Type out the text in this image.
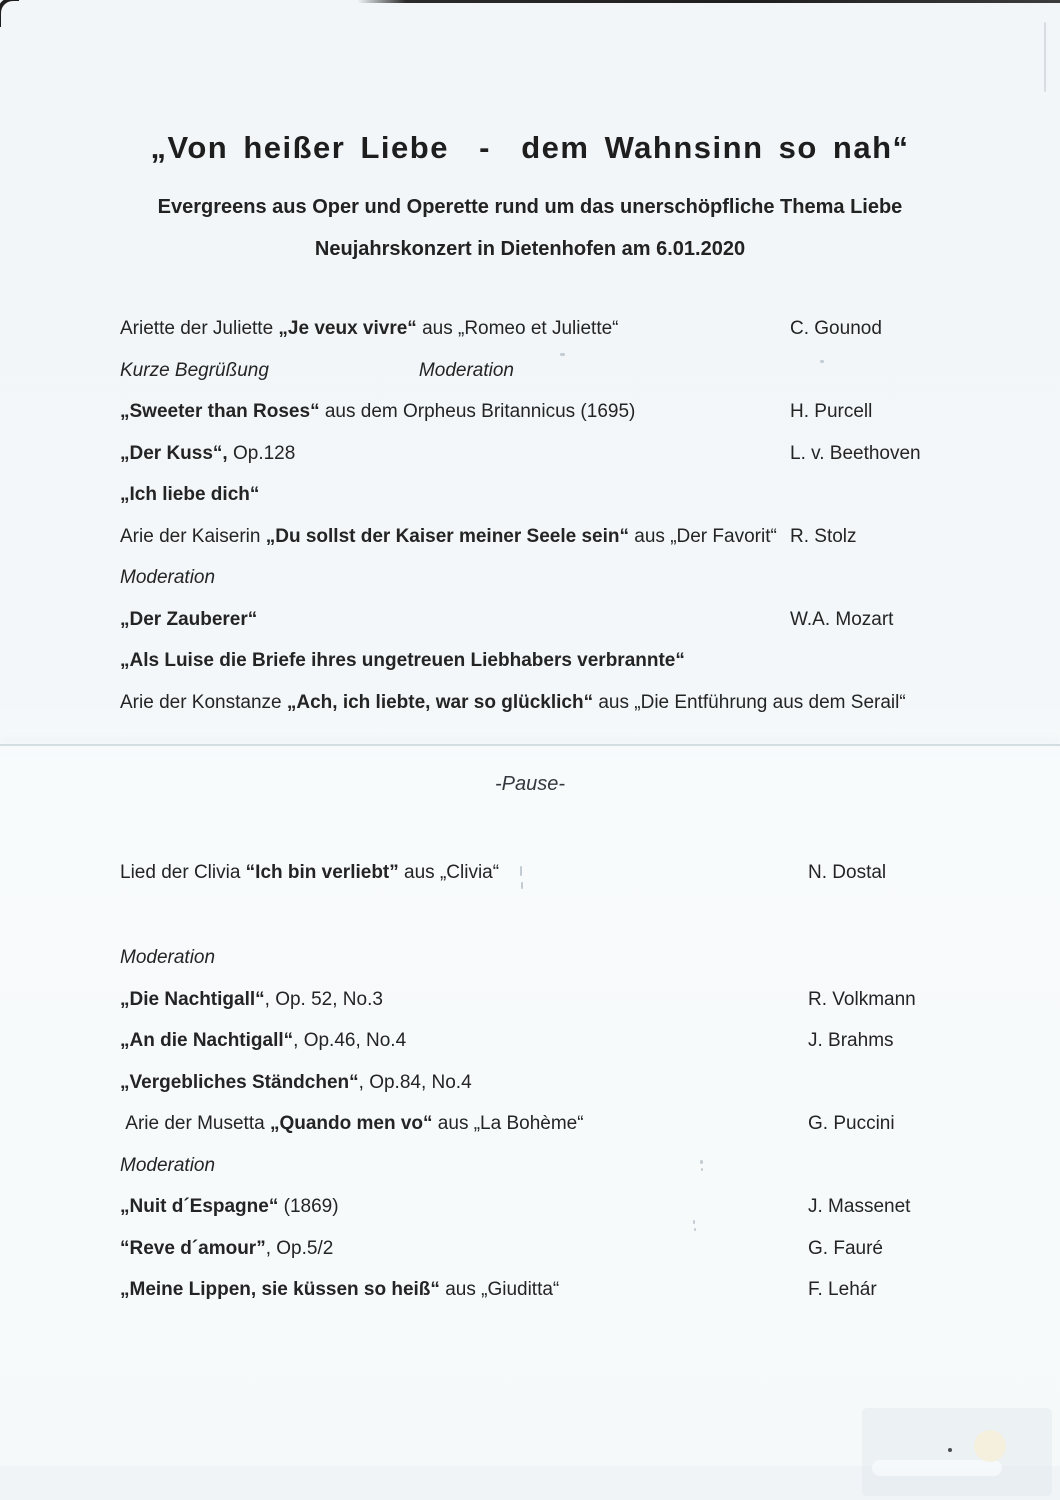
„Von heißer Liebe  -  dem Wahnsinn so nah“
Evergreens aus Oper und Operette rund um das unerschöpfliche Thema Liebe
Neujahrskonzert in Dietenhofen am 6.01.2020
Ariette der Juliette „Je veux vivre“ aus „Romeo et Juliette“	C. Gounod
Kurze Begrüßung	Moderation
„Sweeter than Roses“ aus dem Orpheus Britannicus (1695)	H. Purcell
„Der Kuss“, Op.128	L. v. Beethoven
„Ich liebe dich“
Arie der Kaiserin „Du sollst der Kaiser meiner Seele sein“ aus „Der Favorit“ R. Stolz
Moderation
„Der Zauberer“	W.A. Mozart
„Als Luise die Briefe ihres ungetreuen Liebhabers verbrannte“
Arie der Konstanze „Ach, ich liebte, war so glücklich“ aus „Die Entführung aus dem Serail“
-Pause-
Lied der Clivia “Ich bin verliebt” aus „Clivia“	N. Dostal
Moderation
„Die Nachtigall“, Op. 52, No.3	R. Volkmann
„An die Nachtigall“, Op.46, No.4	J. Brahms
„Vergebliches Ständchen“, Op.84, No.4
Arie der Musetta „Quando men vo“ aus „La Bohème“	G. Puccini
Moderation
„Nuit d´Espagne“ (1869)	J. Massenet
“Reve d´amour”, Op.5/2	G. Fauré
„Meine Lippen, sie küssen so heiß“ aus „Giuditta“	F. Lehár
